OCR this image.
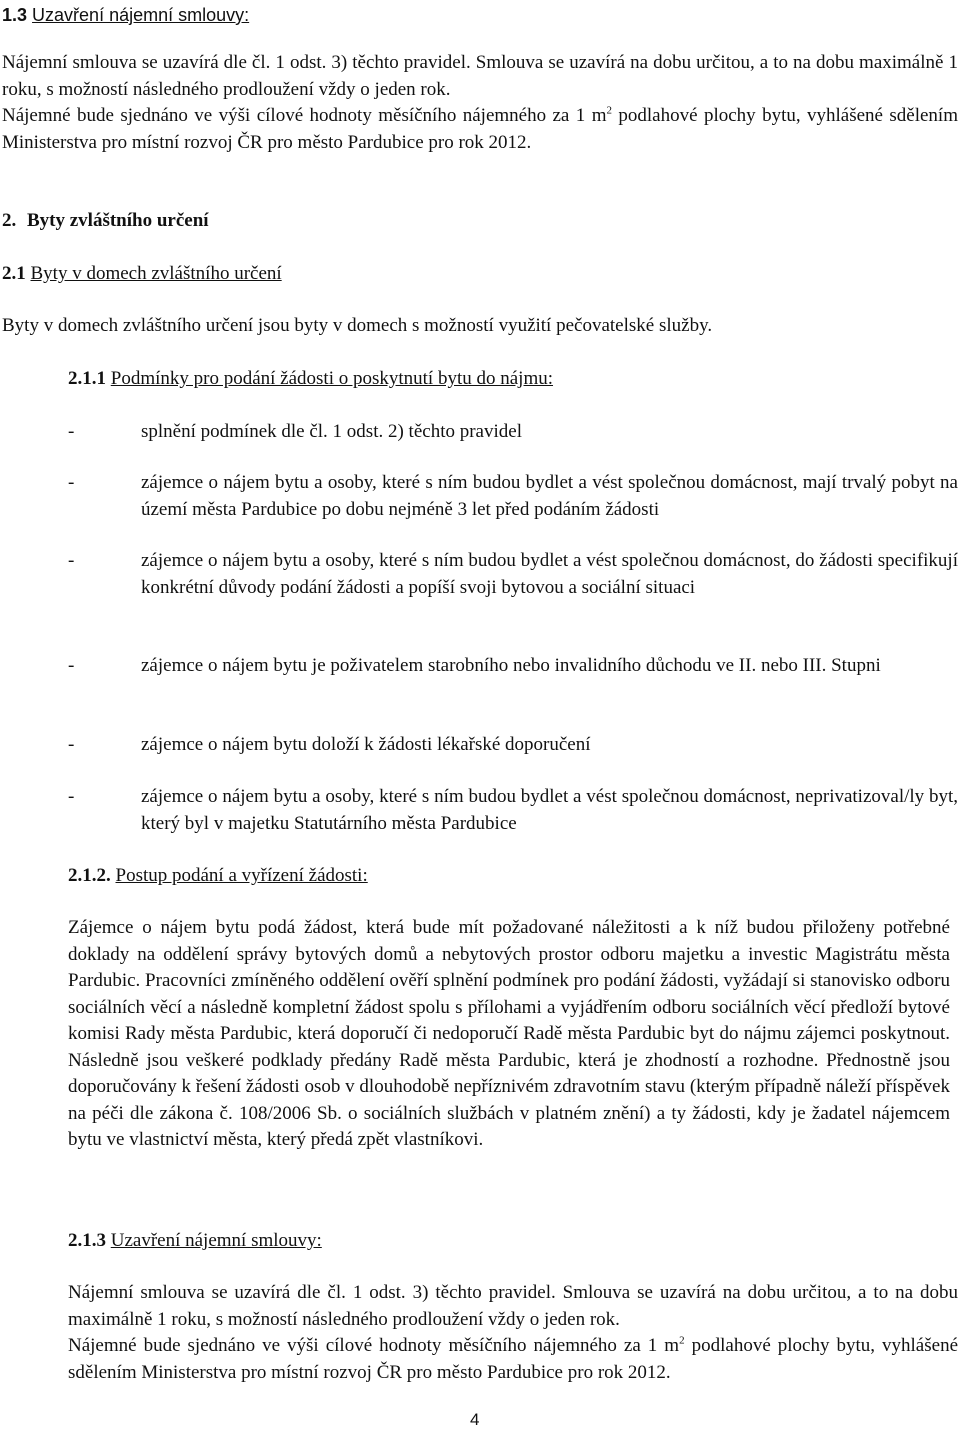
1.3 Uzavření nájemní smlouvy:

Nájemní smlouva se uzavírá dle čl. 1 odst. 3) těchto pravidel. Smlouva se uzavírá na dobu určitou, a to na dobu maximálně 1 roku, s možností následného prodloužení vždy o jeden rok.

Nájemné bude sjednáno ve výši cílové hodnoty měsíčního nájemného za 1 $m^2$ podlahové plochy bytu, vyhlášené sdělením Ministerstva pro místní rozvoj ČR pro město Pardubice pro rok 2012.

2. Byty zvláštního určení
2.1 Byty v domech zvláštního určení

Byty v domech zvláštního určení jsou byty v domech s možností využití pečovatelské služby.

2.1.1 Podmínky pro podání žádosti o poskytnutí bytu do nájmu:
-	splnění podmínek dle čl. 1 odst. 2) těchto pravidel

-	zájemce o nájem bytu a osoby, které s ním budou bydlet a vést společnou domácnost, mají trvalý pobyt na území města Pardubice po dobu nejméně 3 let před podáním žádosti

-	zájemce o nájem bytu a osoby, které s ním budou bydlet a vést společnou domácnost, do žádosti specifikují konkrétní důvody podání žádosti a popíší svoji bytovou a sociální situaci

-	zájemce o nájem bytu je poživatelem starobního nebo invalidního důchodu ve II. nebo III. Stupni

-	zájemce o nájem bytu doloží k žádosti lékařské doporučení

-	zájemce o nájem bytu a osoby, které s ním budou bydlet a vést společnou domácnost, neprivatizoval/ly byt, který byl v majetku Statutárního města Pardubice

2.1.2. Postup podání a vyřízení žádosti:

Zájemce o nájem bytu podá žádost, která bude mít požadované náležitosti a k níž budou přiloženy potřebné doklady na oddělení správy bytových domů a nebytových prostor odboru majetku a investic Magistrátu města Pardubic. Pracovníci zmíněného oddělení ověří splnění podmínek pro podání žádosti, vyžádají si stanovisko odboru sociálních věcí a následně kompletní žádost spolu s přílohami a vyjádřením odboru sociálních věcí předloží bytové komisi Rady města Pardubic, která doporučí či nedoporučí Radě města Pardubic byt do nájmu zájemci poskytnout. Následně jsou veškeré podklady předány Radě města Pardubic, která je zhodností a rozhodne. Přednostně jsou doporučovány k řešení žádosti osob v dlouhodobě nepříznivém zdravotním stavu (kterým případně náleží příspěvek na péči dle zákona č. 108/2006 Sb. o sociálních službách v platném znění) a ty žádosti, kdy je žadatel nájemcem bytu ve vlastnictví města, který předá zpět vlastníkovi.

2.1.3 Uzavření nájemní smlouvy:

Nájemní smlouva se uzavírá dle čl. 1 odst. 3) těchto pravidel. Smlouva se uzavírá na dobu určitou, a to na dobu maximálně 1 roku, s možností následného prodloužení vždy o jeden rok.

Nájemné bude sjednáno ve výši cílové hodnoty měsíčního nájemného za 1 $m^2$ podlahové plochy bytu, vyhlášené sdělením Ministerstva pro místní rozvoj ČR pro město Pardubice pro rok 2012.

4
